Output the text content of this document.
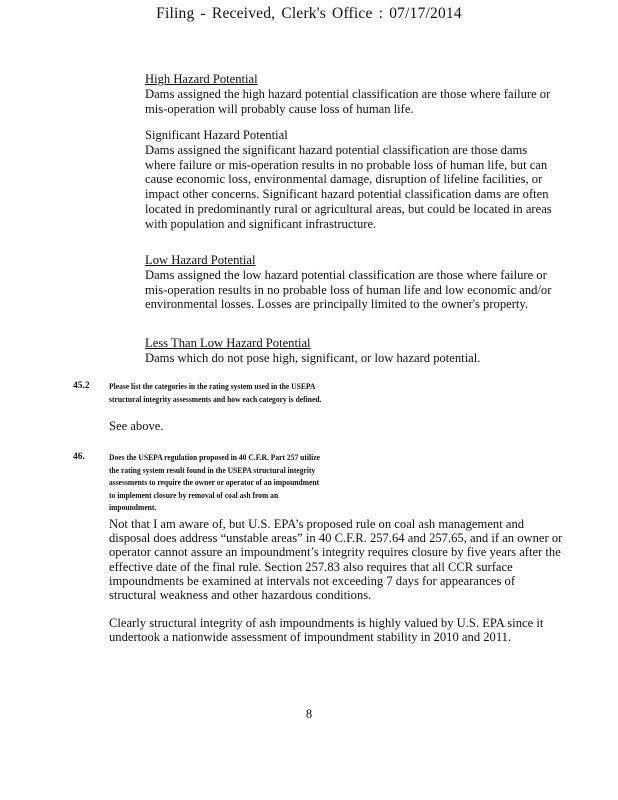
Filing - Received, Clerk's Office : 07/17/2014
High Hazard Potential
Dams assigned the high hazard potential classification are those where failure or mis-operation will probably cause loss of human life.
Significant Hazard Potential
Dams assigned the significant hazard potential classification are those dams where failure or mis-operation results in no probable loss of human life, but can cause economic loss, environmental damage, disruption of lifeline facilities, or impact other concerns. Significant hazard potential classification dams are often located in predominantly rural or agricultural areas, but could be located in areas with population and significant infrastructure.
Low Hazard Potential
Dams assigned the low hazard potential classification are those where failure or mis-operation results in no probable loss of human life and low economic and/or environmental losses. Losses are principally limited to the owner's property.
Less Than Low Hazard Potential
Dams which do not pose high, significant, or low hazard potential.
45.2 Please list the categories in the rating system used in the USEPA structural integrity assessments and how each category is defined.
See above.
46.	Does the USEPA regulation proposed in 40 C.F.R. Part 257 utilize the rating system result found in the USEPA structural integrity assessments to require the owner or operator of an impoundment to implement closure by removal of coal ash from an impoundment.
Not that I am aware of, but U.S. EPA’s proposed rule on coal ash management and disposal does address “unstable areas” in 40 C.F.R. 257.64 and 257.65, and if an owner or operator cannot assure an impoundment’s integrity requires closure by five years after the effective date of the final rule. Section 257.83 also requires that all CCR surface impoundments be examined at intervals not exceeding 7 days for appearances of structural weakness and other hazardous conditions.
Clearly structural integrity of ash impoundments is highly valued by U.S. EPA since it undertook a nationwide assessment of impoundment stability in 2010 and 2011.
8
